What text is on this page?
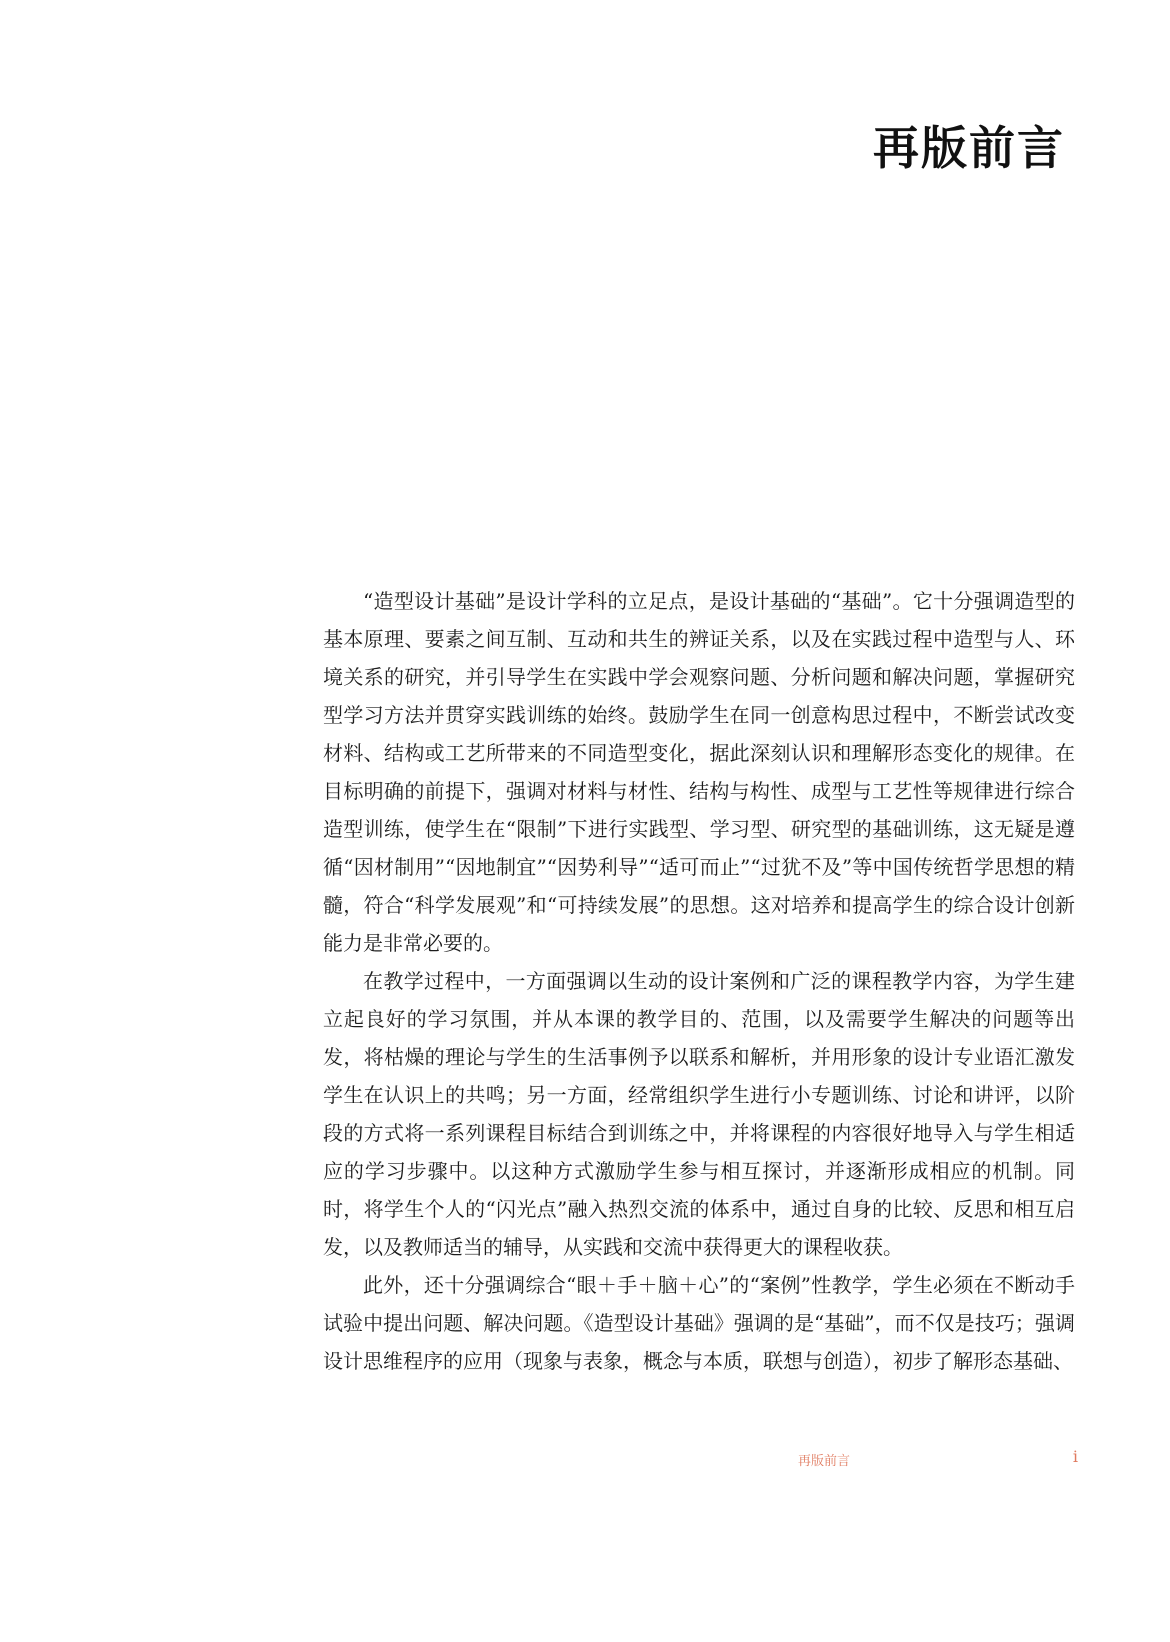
再版前言

“造型设计基础”是设计学科的立足点，是设计基础的“基础”。它十分强调造型的基本原理、要素之间互制、互动和共生的辨证关系，以及在实践过程中造型与人、环境关系的研究，并引导学生在实践中学会观察问题、分析问题和解决问题，掌握研究型学习方法并贯穿实践训练的始终。鼓励学生在同一创意构思过程中，不断尝试改变材料、结构或工艺所带来的不同造型变化，据此深刻认识和理解形态变化的规律。在目标明确的前提下，强调对材料与材性、结构与构性、成型与工艺性等规律进行综合造型训练，使学生在“限制”下进行实践型、学习型、研究型的基础训练，这无疑是遵循“因材制用”“因地制宜”“因势利导”“适可而止”“过犹不及”等中国传统哲学思想的精髓，符合“科学发展观”和“可持续发展”的思想。这对培养和提高学生的综合设计创新能力是非常必要的。

在教学过程中，一方面强调以生动的设计案例和广泛的课程教学内容，为学生建立起良好的学习氛围，并从本课的教学目的、范围，以及需要学生解决的问题等出发，将枯燥的理论与学生的生活事例予以联系和解析，并用形象的设计专业语汇激发学生在认识上的共鸣；另一方面，经常组织学生进行小专题训练、讨论和讲评，以阶段的方式将一系列课程目标结合到训练之中，并将课程的内容很好地导入与学生相适应的学习步骤中。以这种方式激励学生参与相互探讨，并逐渐形成相应的机制。同时，将学生个人的“闪光点”融入热烈交流的体系中，通过自身的比较、反思和相互启发，以及教师适当的辅导，从实践和交流中获得更大的课程收获。

此外，还十分强调综合“眼＋手＋脑＋心”的“案例”性教学，学生必须在不断动手试验中提出问题、解决问题。《造型设计基础》强调的是“基础”，而不仅是技巧；强调设计思维程序的应用（现象与表象，概念与本质，联想与创造），初步了解形态基础、

再版前言	i
